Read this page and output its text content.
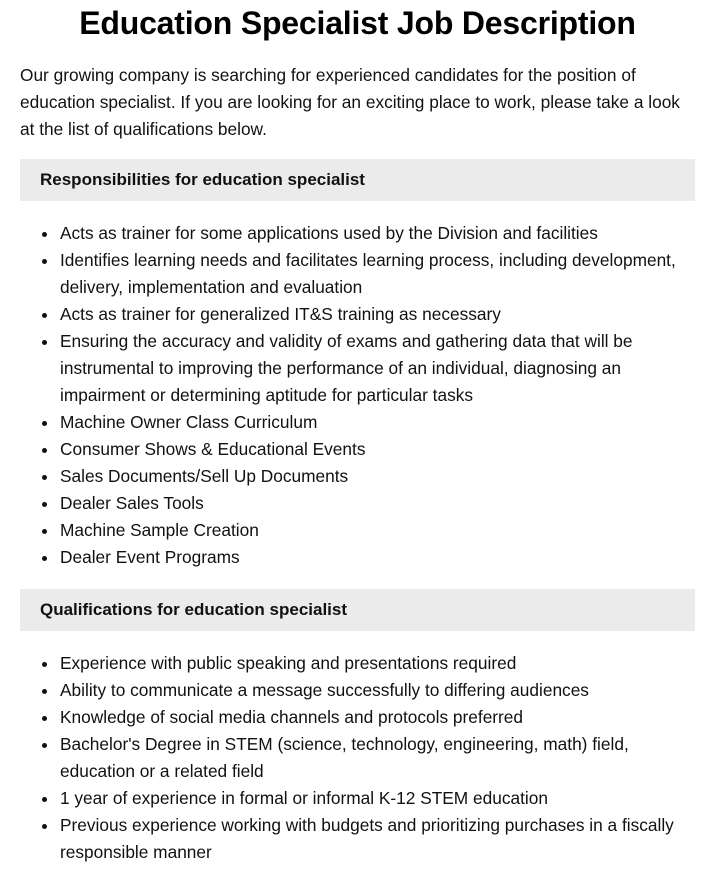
Education Specialist Job Description

Our growing company is searching for experienced candidates for the position of education specialist. If you are looking for an exciting place to work, please take a look at the list of qualifications below.

Responsibilities for education specialist
Acts as trainer for some applications used by the Division and facilities
Identifies learning needs and facilitates learning process, including development, delivery, implementation and evaluation
Acts as trainer for generalized IT&S training as necessary
Ensuring the accuracy and validity of exams and gathering data that will be instrumental to improving the performance of an individual, diagnosing an impairment or determining aptitude for particular tasks
Machine Owner Class Curriculum
Consumer Shows & Educational Events
Sales Documents/Sell Up Documents
Dealer Sales Tools
Machine Sample Creation
Dealer Event Programs
Qualifications for education specialist
Experience with public speaking and presentations required
Ability to communicate a message successfully to differing audiences
Knowledge of social media channels and protocols preferred
Bachelor's Degree in STEM (science, technology, engineering, math) field, education or a related field
1 year of experience in formal or informal K-12 STEM education
Previous experience working with budgets and prioritizing purchases in a fiscally responsible manner
